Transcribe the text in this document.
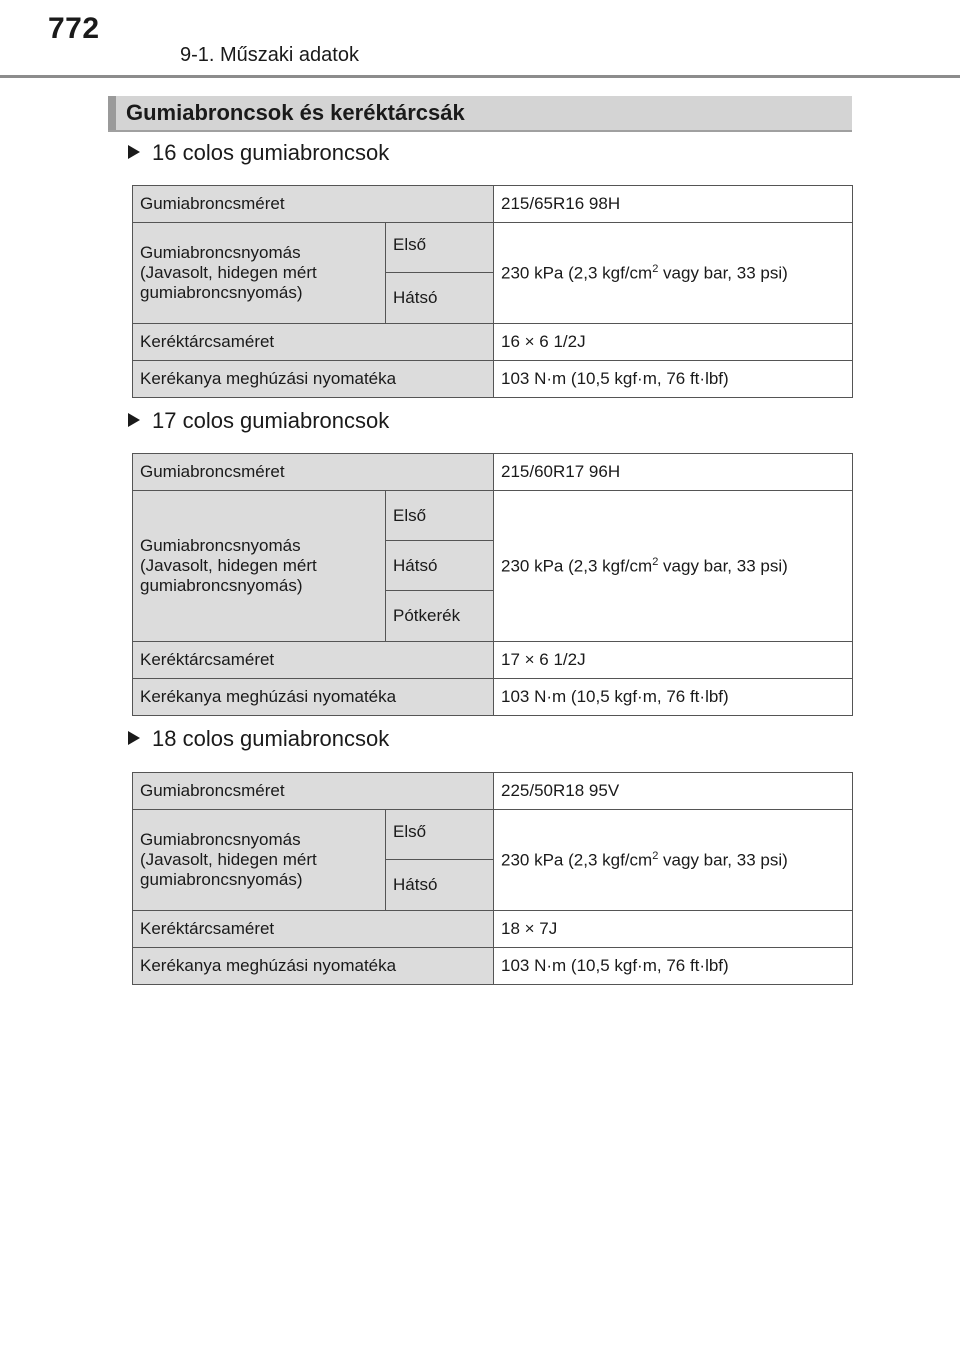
772
9-1. Műszaki adatok
Gumiabroncsok és keréktárcsák
16 colos gumiabroncsok
Gumiabroncsméret		215/65R16 98H

Gumiabroncsnyomás
(Javasolt, hidegen mért
gumiabroncsnyomás)	Első	230 kPa (2,3 kgf/$cm^2$ vagy bar, 33 psi)
	Hátsó	
Keréktárcsaméret		16 × 6 1/2J
Kerékanya meghúzási nyomatéka		103 N·m (10,5 kgf·m, 76 ft·lbf)
17 colos gumiabroncsok
Gumiabroncsméret		215/60R17 96H

Gumiabroncsnyomás
(Javasolt, hidegen mért
gumiabroncsnyomás)	Első	230 kPa (2,3 kgf/$cm^2$ vagy bar, 33 psi)
	Hátsó	
	Pótkerék	
Keréktárcsaméret		17 × 6 1/2J
Kerékanya meghúzási nyomatéka		103 N·m (10,5 kgf·m, 76 ft·lbf)
18 colos gumiabroncsok
Gumiabroncsméret		225/50R18 95V

Gumiabroncsnyomás
(Javasolt, hidegen mért
gumiabroncsnyomás)	Első	230 kPa (2,3 kgf/$cm^2$ vagy bar, 33 psi)
	Hátsó	
Keréktárcsaméret		18 × 7J
Kerékanya meghúzási nyomatéka		103 N·m (10,5 kgf·m, 76 ft·lbf)
